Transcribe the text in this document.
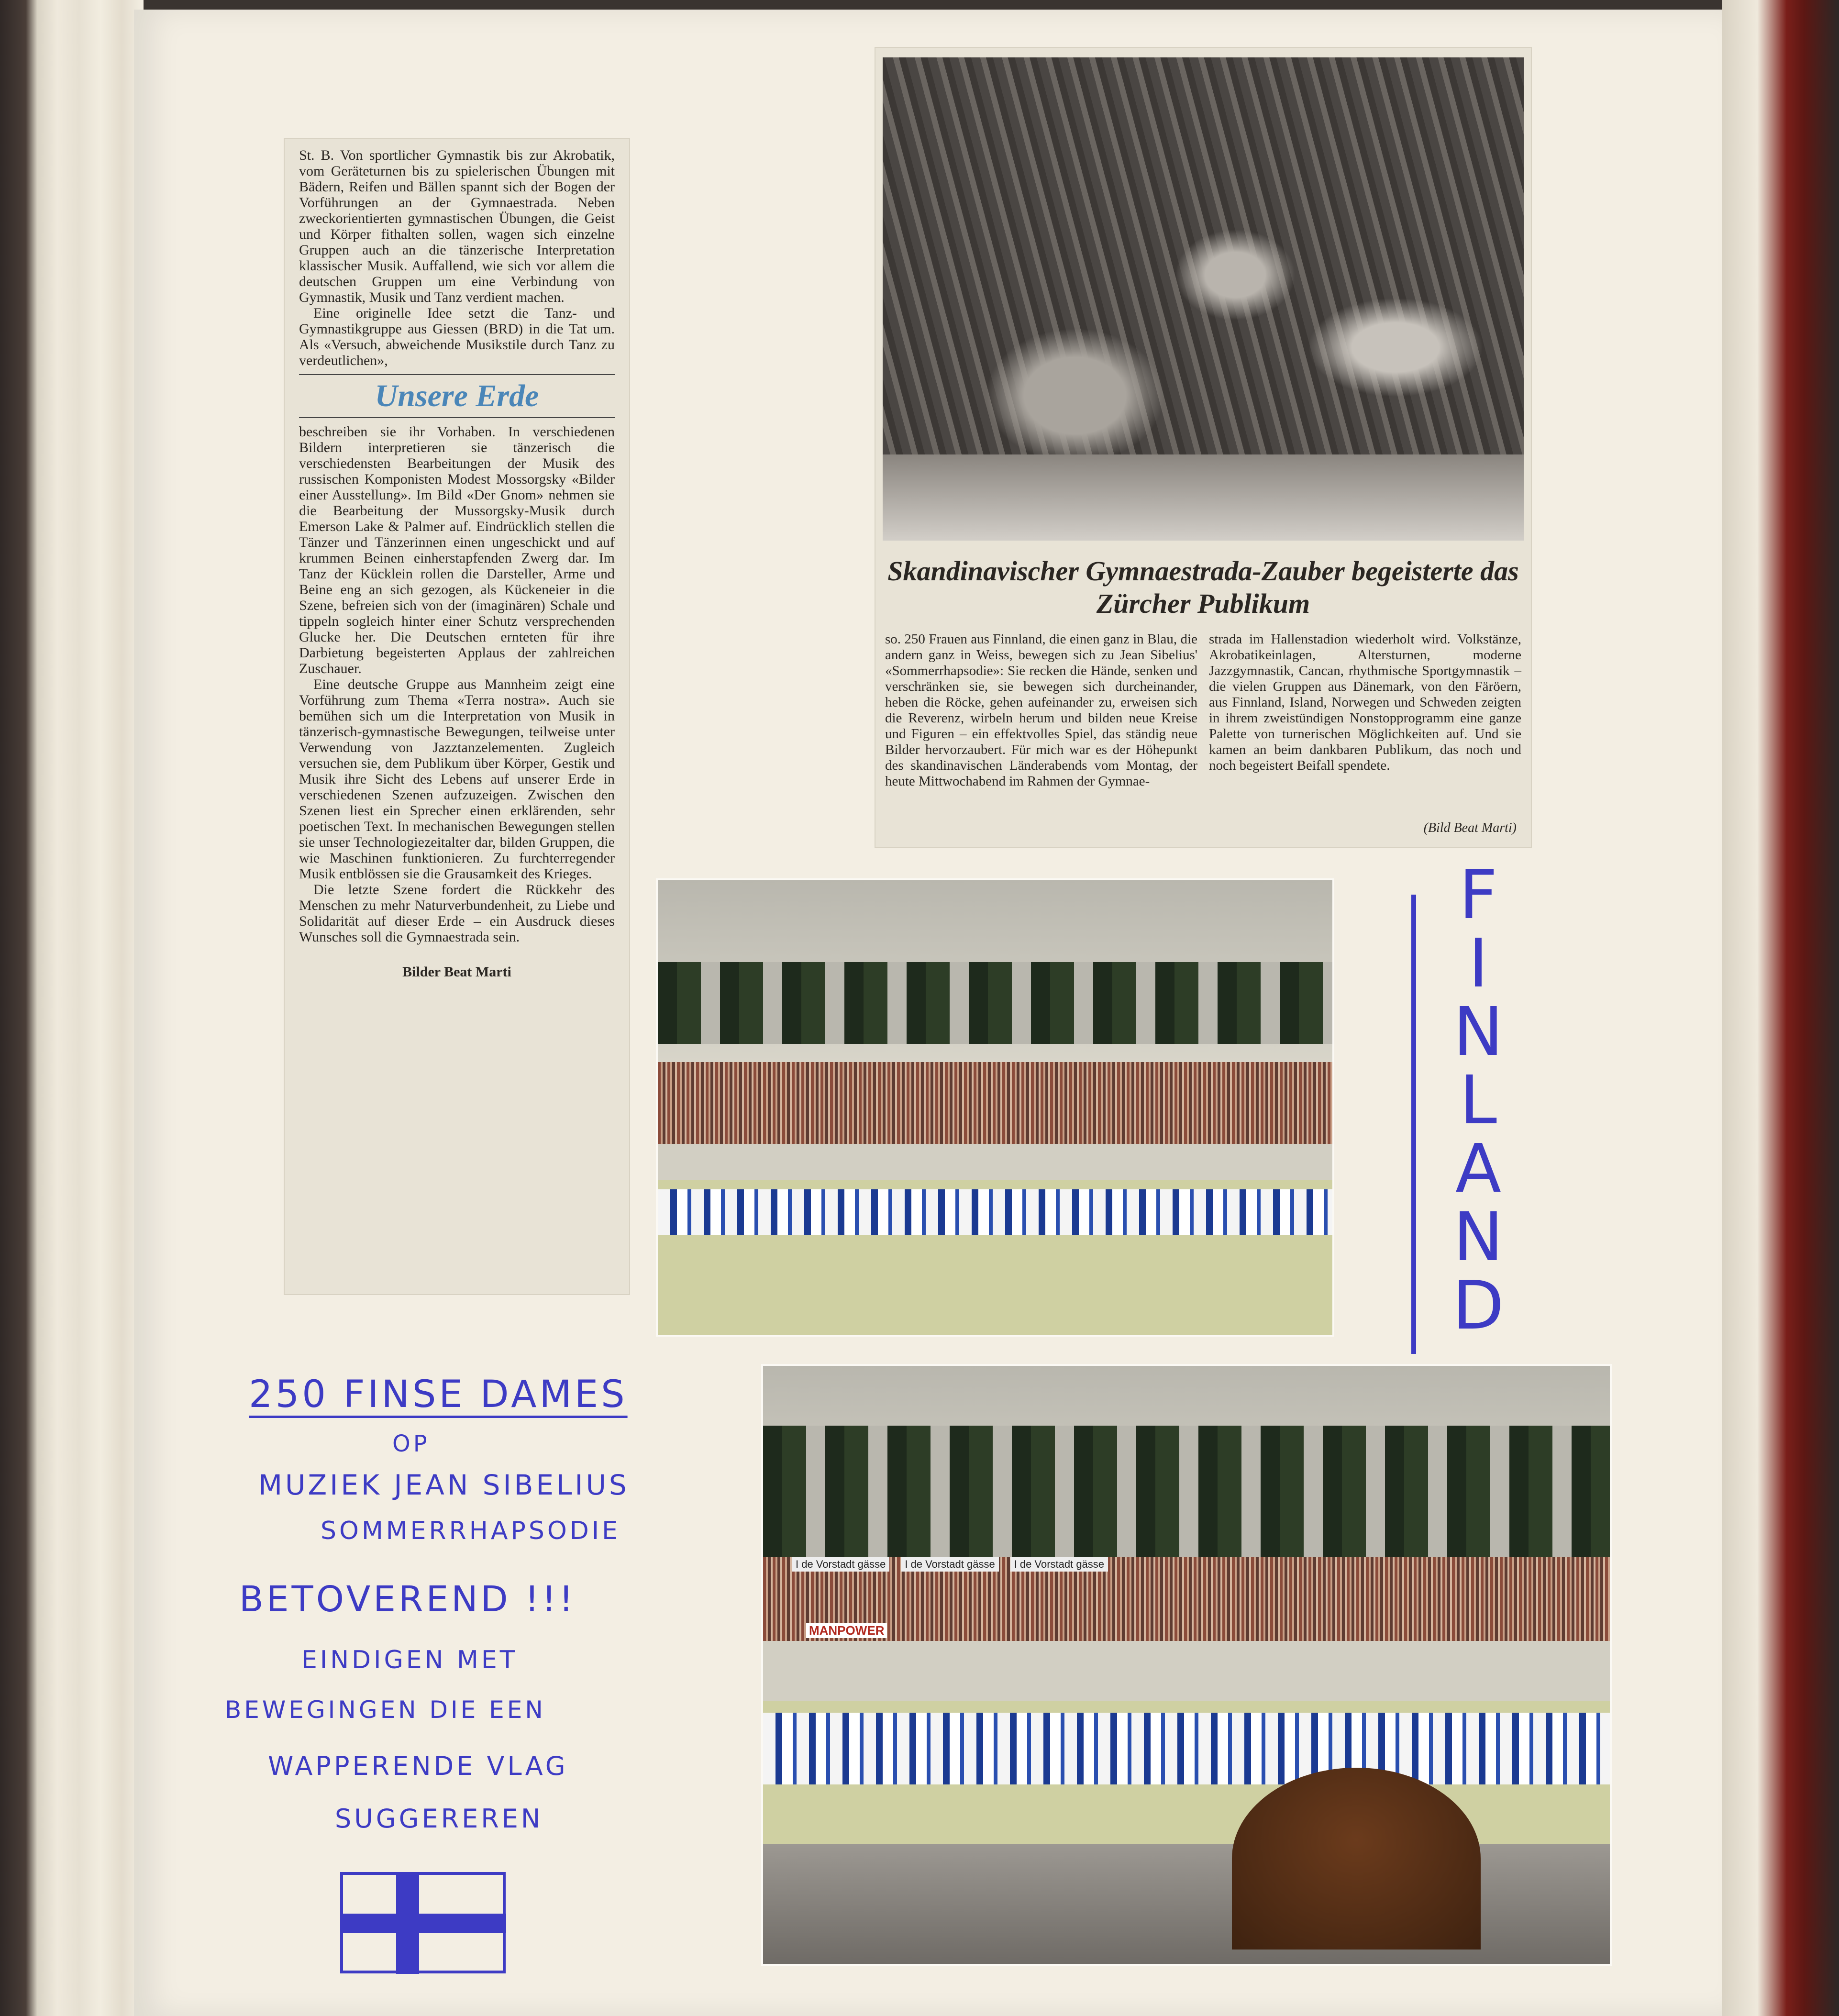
St. B. Von sportlicher Gymnastik bis zur Akrobatik, vom Geräteturnen bis zu spielerischen Übungen mit Bädern, Reifen und Bällen spannt sich der Bogen der Vorführungen an der Gymnaestrada. Neben zweckorientierten gymnastischen Übungen, die Geist und Körper fithalten sollen, wagen sich einzelne Gruppen auch an die tänzerische Interpretation klassischer Musik. Auffallend, wie sich vor allem die deutschen Gruppen um eine Verbindung von Gymnastik, Musik und Tanz verdient machen.

Eine originelle Idee setzt die Tanz- und Gymnastikgruppe aus Giessen (BRD) in die Tat um. Als «Versuch, abweichende Musikstile durch Tanz zu verdeutlichen»,

Unsere Erde

beschreiben sie ihr Vorhaben. In verschiedenen Bildern interpretieren sie tänzerisch die verschiedensten Bearbeitungen der Musik des russischen Komponisten Modest Mossorgsky «Bilder einer Ausstellung». Im Bild «Der Gnom» nehmen sie die Bearbeitung der Mussorgsky-Musik durch Emerson Lake & Palmer auf. Eindrücklich stellen die Tänzer und Tänzerinnen einen ungeschickt und auf krummen Beinen einherstapfenden Zwerg dar. Im Tanz der Kücklein rollen die Darsteller, Arme und Beine eng an sich gezogen, als Kückeneier in die Szene, befreien sich von der (imaginären) Schale und tippeln sogleich hinter einer Schutz versprechenden Glucke her. Die Deutschen ernteten für ihre Darbietung begeisterten Applaus der zahlreichen Zuschauer.

Eine deutsche Gruppe aus Mannheim zeigt eine Vorführung zum Thema «Terra nostra». Auch sie bemühen sich um die Interpretation von Musik in tänzerisch-gymnastische Bewegungen, teilweise unter Verwendung von Jazztanzelementen. Zugleich versuchen sie, dem Publikum über Körper, Gestik und Musik ihre Sicht des Lebens auf unserer Erde in verschiedenen Szenen aufzuzeigen. Zwischen den Szenen liest ein Sprecher einen erklärenden, sehr poetischen Text. In mechanischen Bewegungen stellen sie unser Technologiezeitalter dar, bilden Gruppen, die wie Maschinen funktionieren. Zu furchterregender Musik entblössen sie die Grausamkeit des Krieges.

Die letzte Szene fordert die Rückkehr des Menschen zu mehr Naturverbundenheit, zu Liebe und Solidarität auf dieser Erde – ein Ausdruck dieses Wunsches soll die Gymnaestrada sein.

Bilder Beat Marti
Skandinavischer Gymnaestrada-Zauber begeisterte das Zürcher Publikum

so. 250 Frauen aus Finnland, die einen ganz in Blau, die andern ganz in Weiss, bewegen sich zu Jean Sibelius' «Sommerrhapsodie»: Sie recken die Hände, senken und verschränken sie, sie bewegen sich durcheinander, heben die Röcke, gehen aufeinander zu, erweisen sich die Reverenz, wirbeln herum und bilden neue Kreise und Figuren – ein effektvolles Spiel, das ständig neue Bilder hervorzaubert. Für mich war es der Höhepunkt des skandinavischen Länderabends vom Montag, der heute Mittwochabend im Rahmen der Gymnae-

strada im Hallenstadion wiederholt wird. Volkstänze, Akrobatikeinlagen, Altersturnen, moderne Jazzgymnastik, Cancan, rhythmische Sportgymnastik – die vielen Gruppen aus Dänemark, von den Färöern, aus Finnland, Island, Norwegen und Schweden zeigten in ihrem zweistündigen Nonstopprogramm eine ganze Palette von turnerischen Möglichkeiten auf. Und sie kamen an beim dankbaren Publikum, das noch und noch begeistert Beifall spendete.

(Bild Beat Marti)
I de Vorstadt gässe	I de Vorstadt gässe	I de Vorstadt gässe
MANPOWER
F
I
N
L
A
N
D
250 FINSE DAMES
OP
MUZIEK JEAN SIBELIUS
SOMMERRHAPSODIE
BETOVEREND !!!
EINDIGEN MET
BEWEGINGEN DIE EEN
WAPPERENDE VLAG
SUGGEREREN
